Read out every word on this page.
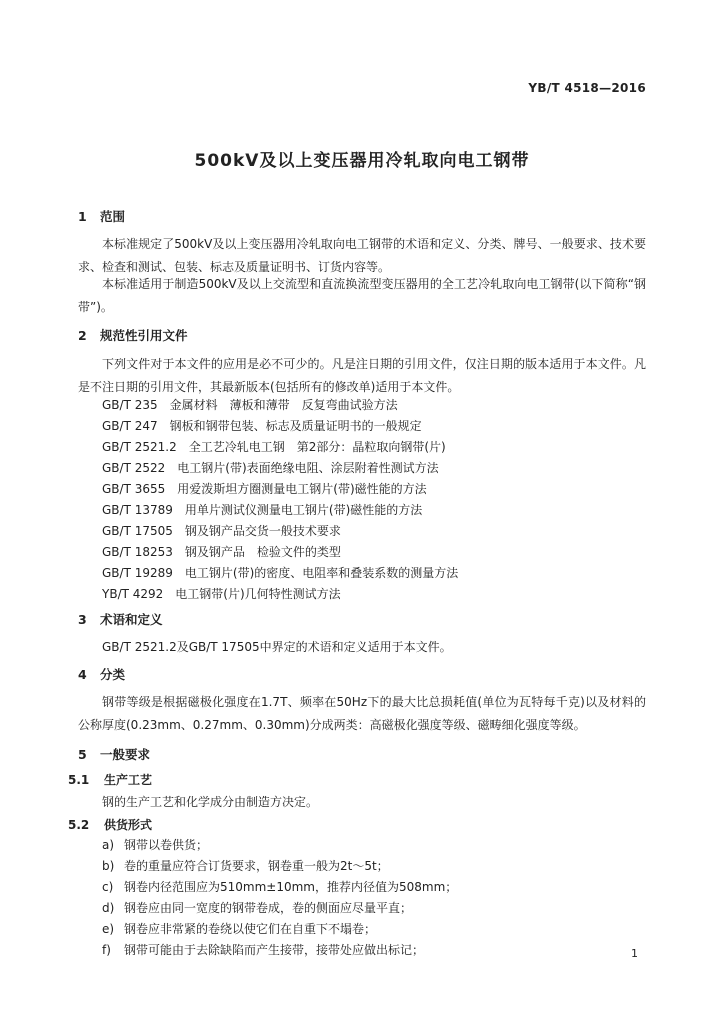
YB/T 4518—2016
500kV及以上变压器用冷轧取向电工钢带
1 范围
本标准规定了500kV及以上变压器用冷轧取向电工钢带的术语和定义、分类、牌号、一般要求、技术要求、检查和测试、包装、标志及质量证明书、订货内容等。
本标准适用于制造500kV及以上交流型和直流换流型变压器用的全工艺冷轧取向电工钢带(以下简称“钢带”)。
2 规范性引用文件
下列文件对于本文件的应用是必不可少的。凡是注日期的引用文件，仅注日期的版本适用于本文件。凡是不注日期的引用文件，其最新版本(包括所有的修改单)适用于本文件。
GB/T 235　金属材料　薄板和薄带　反复弯曲试验方法
GB/T 247　钢板和钢带包装、标志及质量证明书的一般规定
GB/T 2521.2　全工艺冷轧电工钢　第2部分：晶粒取向钢带(片)
GB/T 2522　电工钢片(带)表面绝缘电阻、涂层附着性测试方法
GB/T 3655　用爱泼斯坦方圈测量电工钢片(带)磁性能的方法
GB/T 13789　用单片测试仪测量电工钢片(带)磁性能的方法
GB/T 17505　钢及钢产品交货一般技术要求
GB/T 18253　钢及钢产品　检验文件的类型
GB/T 19289　电工钢片(带)的密度、电阻率和叠装系数的测量方法
YB/T 4292　电工钢带(片)几何特性测试方法
3 术语和定义
GB/T 2521.2及GB/T 17505中界定的术语和定义适用于本文件。
4 分类
钢带等级是根据磁极化强度在1.7T、频率在50Hz下的最大比总损耗值(单位为瓦特每千克)以及材料的公称厚度(0.23mm、0.27mm、0.30mm)分成两类：高磁极化强度等级、磁畴细化强度等级。
5 一般要求
5.1 生产工艺
钢的生产工艺和化学成分由制造方决定。
5.2 供货形式
a) 钢带以卷供货；
b) 卷的重量应符合订货要求，钢卷重一般为2t～5t；
c) 钢卷内径范围应为510mm±10mm，推荐内径值为508mm；
d) 钢卷应由同一宽度的钢带卷成，卷的侧面应尽量平直；
e) 钢卷应非常紧的卷绕以使它们在自重下不塌卷；
f) 钢带可能由于去除缺陷而产生接带，接带处应做出标记；	1
